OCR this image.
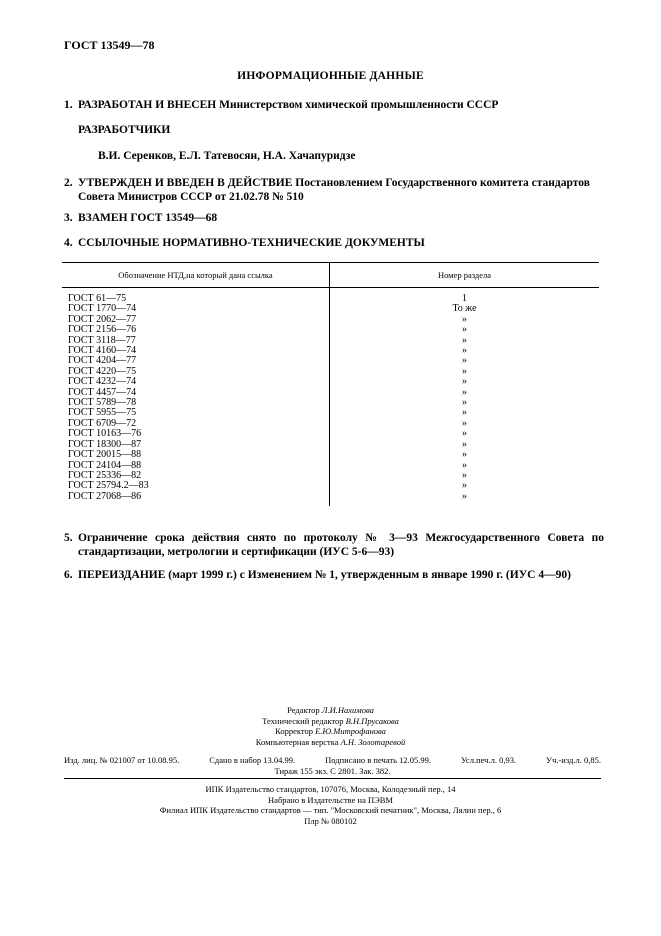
ГОСТ 13549—78
ИНФОРМАЦИОННЫЕ ДАННЫЕ
1. РАЗРАБОТАН И ВНЕСЕН Министерством химической промышленности СССР
РАЗРАБОТЧИКИ
В.И. Серенков, Е.Л. Татевосян, Н.А. Хачапуридзе
2. УТВЕРЖДЕН И ВВЕДЕН В ДЕЙСТВИЕ Постановлением Государственного комитета стандартов Совета Министров СССР от 21.02.78 № 510
3. ВЗАМЕН ГОСТ 13549—68
4. ССЫЛОЧНЫЕ НОРМАТИВНО-ТЕХНИЧЕСКИЕ ДОКУМЕНТЫ
Обозначение НТД,на который дана ссылка	Номер раздела
ГОСТ 61—75	1
ГОСТ 1770—74	То же
ГОСТ 2062—77	»
ГОСТ 2156—76	»
ГОСТ 3118—77	»
ГОСТ 4160—74	»
ГОСТ 4204—77	»
ГОСТ 4220—75	»
ГОСТ 4232—74	»
ГОСТ 4457—74	»
ГОСТ 5789—78	»
ГОСТ 5955—75	»
ГОСТ 6709—72	»
ГОСТ 10163—76	»
ГОСТ 18300—87	»
ГОСТ 20015—88	»
ГОСТ 24104—88	»
ГОСТ 25336—82	»
ГОСТ 25794.2—83	»
ГОСТ 27068—86	»
5. Ограничение срока действия снято по протоколу № 3—93 Межгосударственного Совета по стандартизации, метрологии и сертификации (ИУС 5-6—93)
6. ПЕРЕИЗДАНИЕ (март 1999 г.) с Изменением № 1, утвержденным в январе 1990 г. (ИУС 4—90)
Редактор Л.И.Нахимова
Технический редактор В.Н.Прусакова
Корректор Е.Ю.Митрофанова
Компьютерная верстка А.Н. Золотаревой
Изд. лиц. № 021007 от 10.08.95.	Сдано в набор 13.04.99.	Подписано в печать 12.05.99.	Усл.печ.л. 0,93.	Уч.-изд.л. 0,85.
Тираж 155 экз. С 2801. Зак. 382.
ИПК Издательство стандартов, 107076, Москва, Колодезный пер., 14
Набрано в Издательстве на ПЭВМ
Филиал ИПК Издательство стандартов — тип. "Московский печатник", Москва, Лялин пер., 6
Плр № 080102
